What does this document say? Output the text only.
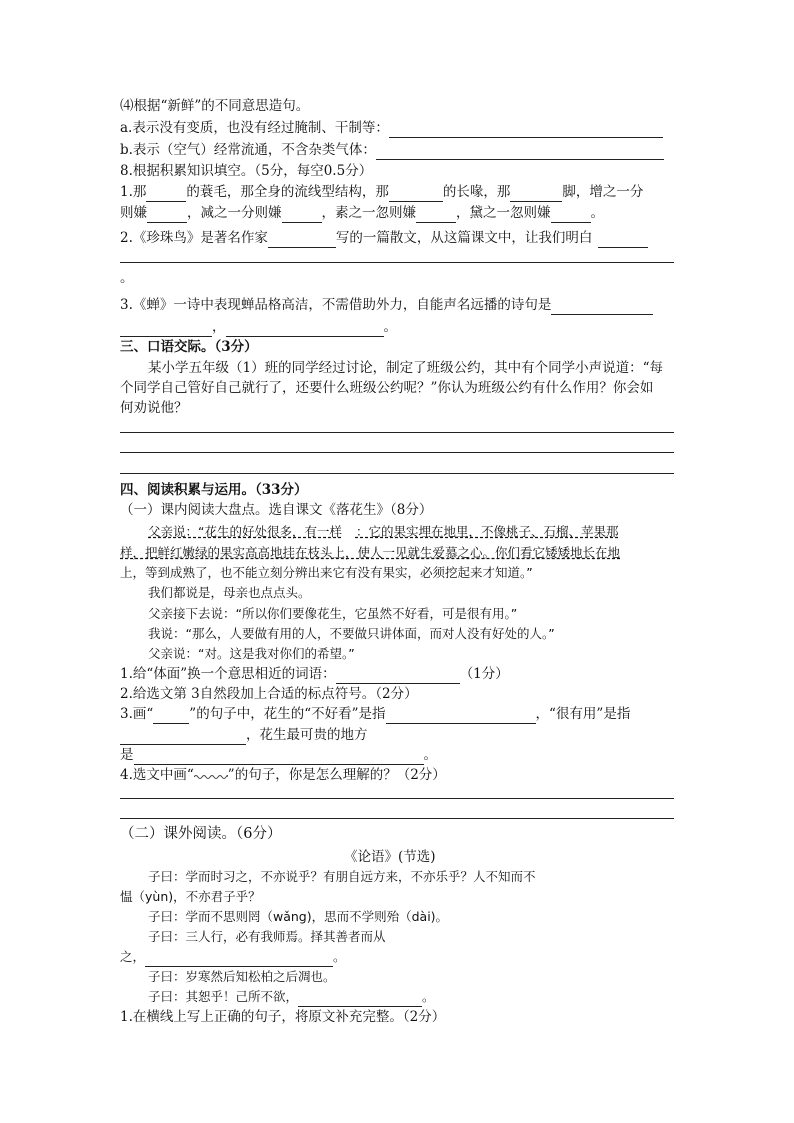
⑷根据“新鲜”的不同意思造句。
a.表示没有变质，也没有经过腌制、干制等：
b.表示（空气）经常流通，不含杂类气体：
8.根据积累知识填空。（5分，每空0.5分）
1.那	的蓑毛，那全身的流线型结构，那	的长喙，那	脚，增之一分
则嫌	，减之一分则嫌	，素之一忽则嫌	，黛之一忽则嫌	。
2.《珍珠鸟》是著名作家	写的一篇散文，从这篇课文中，让我们明白
。
3.《蝉》一诗中表现蝉品格高洁，不需借助外力，自能声名远播的诗句是
，	。
三、口语交际。（3分）
某小学五年级（1）班的同学经过讨论，制定了班级公约，其中有个同学小声说道：“每
个同学自己管好自己就行了，还要什么班级公约呢？”你认为班级公约有什么作用？你会如
何劝说他？
四、阅读积累与运用。（33分）
（一）课内阅读大盘点。选自课文《落花生》（8分）
父亲说：“花生的好处很多，有一样 ：它的果实埋在地里，不像桃子、石榴、苹果那
样，把鲜红嫩绿的果实高高地挂在枝头上，使人一见就生爱慕之心。你们看它矮矮地长在地
上，等到成熟了，也不能立刻分辨出来它有没有果实，必须挖起来才知道。”
我们都说是，母亲也点点头。
父亲接下去说：“所以你们要像花生，它虽然不好看，可是很有用。”
我说：“那么，人要做有用的人，不要做只讲体面，而对人没有好处的人。”
父亲说：“对。这是我对你们的希望。”
1.给“体面”换一个意思相近的词语：	（1分）
2.给选文第 3自然段加上合适的标点符号。（2分）
3.画“	”的句子中，花生的“不好看”是指	，“很有用”是指
，花生最可贵的地方
是	。
4.选文中画“	”的句子，你是怎么理解的？（2分）
（二）课外阅读。（6分）
《论语》(节选)
子曰：学而时习之，不亦说乎？有朋自远方来，不亦乐乎？人不知而不
愠（yùn)，不亦君子乎？
子曰：学而不思则罔（wǎng)，思而不学则殆（dài)。
子曰：三人行，必有我师焉。择其善者而从
之，	。
子曰：岁寒然后知松柏之后凋也。
子曰：其恕乎！己所不欲，	。
1.在横线上写上正确的句子，将原文补充完整。（2分）
